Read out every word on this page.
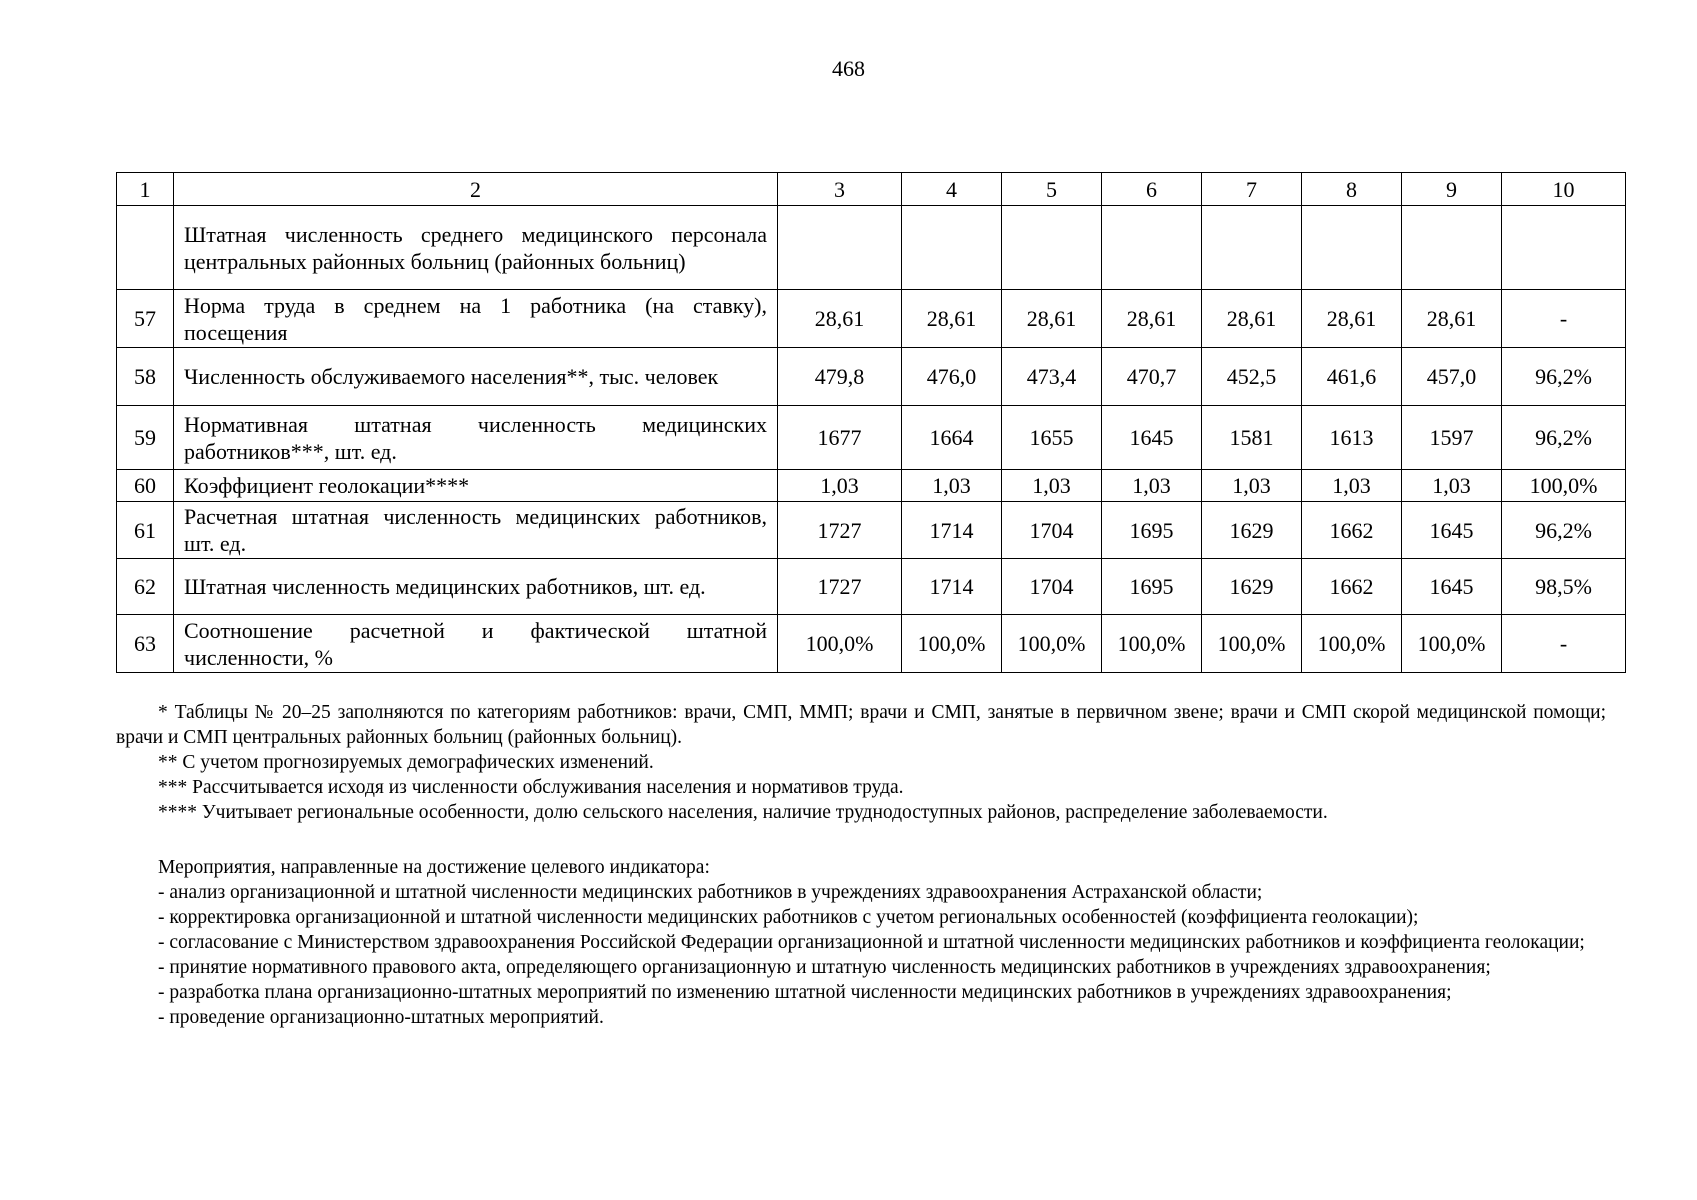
468
1	2	3	4	5	6	7	8	9	10
	Штатная численность среднего медицинского персонала центральных районных больниц (районных больниц)								
57	Норма труда в среднем на 1 работника (на ставку), посещения	28,61	28,61	28,61	28,61	28,61	28,61	28,61	-
58	Численность обслуживаемого населения**, тыс. человек	479,8	476,0	473,4	470,7	452,5	461,6	457,0	96,2%
59	Нормативная штатная численность медицинских работников***, шт. ед.	1677	1664	1655	1645	1581	1613	1597	96,2%
60	Коэффициент геолокации****	1,03	1,03	1,03	1,03	1,03	1,03	1,03	100,0%
61	Расчетная штатная численность медицинских работников, шт. ед.	1727	1714	1704	1695	1629	1662	1645	96,2%
62	Штатная численность медицинских работников, шт. ед.	1727	1714	1704	1695	1629	1662	1645	98,5%
63	Соотношение расчетной и фактической штатной численности, %	100,0%	100,0%	100,0%	100,0%	100,0%	100,0%	100,0%	-

* Таблицы № 20–25 заполняются по категориям работников: врачи, СМП, ММП; врачи и СМП, занятые в первичном звене; врачи и СМП скорой медицинской помощи; врачи и СМП центральных районных больниц (районных больниц).

** С учетом прогнозируемых демографических изменений.

*** Рассчитывается исходя из численности обслуживания населения и нормативов труда.

**** Учитывает региональные особенности, долю сельского населения, наличие труднодоступных районов, распределение заболеваемости.

Мероприятия, направленные на достижение целевого индикатора:

- анализ организационной и штатной численности медицинских работников в учреждениях здравоохранения Астраханской области;

- корректировка организационной и штатной численности медицинских работников с учетом региональных особенностей (коэффициента геолокации);

- согласование с Министерством здравоохранения Российской Федерации организационной и штатной численности медицинских работников и коэффициента геолокации;

- принятие нормативного правового акта, определяющего организационную и штатную численность медицинских работников в учреждениях здравоохранения;

- разработка плана организационно-штатных мероприятий по изменению штатной численности медицинских работников в учреждениях здравоохранения;

- проведение организационно-штатных мероприятий.
